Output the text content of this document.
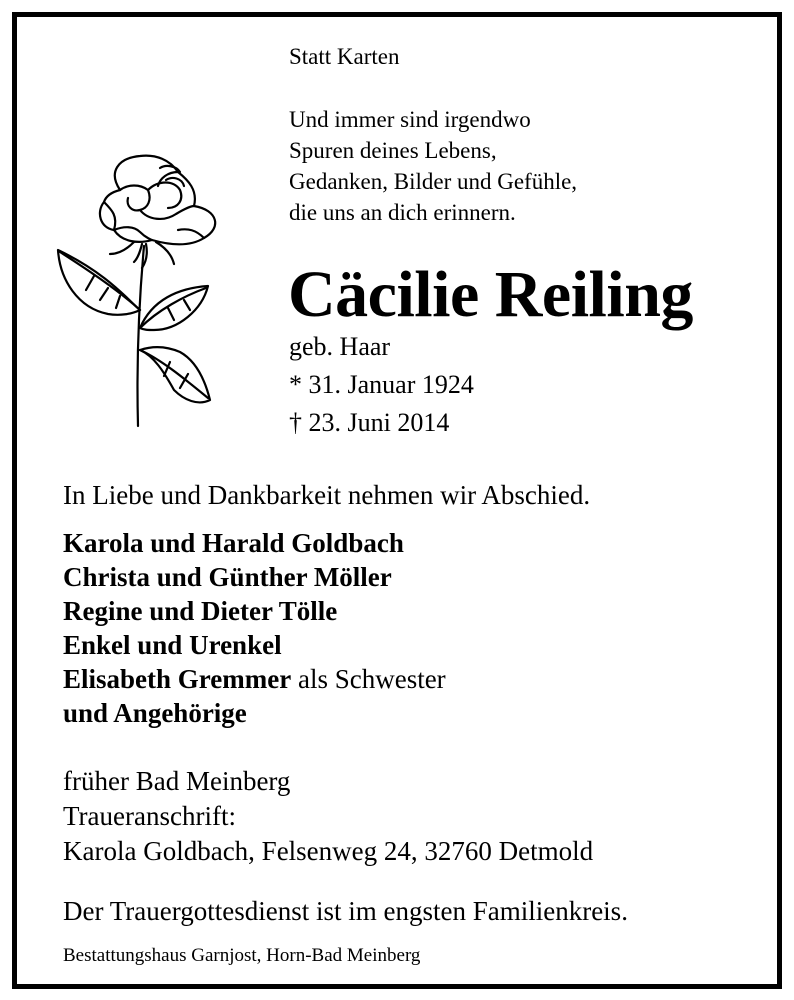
Statt Karten
Und immer sind irgendwo
Spuren deines Lebens,
Gedanken, Bilder und Gefühle,
die uns an dich erinnern.
Cäcilie Reiling
geb. Haar
* 31. Januar 1924
† 23. Juni 2014
In Liebe und Dankbarkeit nehmen wir Abschied.
Karola und Harald Goldbach
Christa und Günther Möller
Regine und Dieter Tölle
Enkel und Urenkel
Elisabeth Gremmer als Schwester
und Angehörige
früher Bad Meinberg
Traueranschrift:
Karola Goldbach, Felsenweg 24, 32760 Detmold
Der Trauergottesdienst ist im engsten Familienkreis.
Bestattungshaus Garnjost, Horn-Bad Meinberg
